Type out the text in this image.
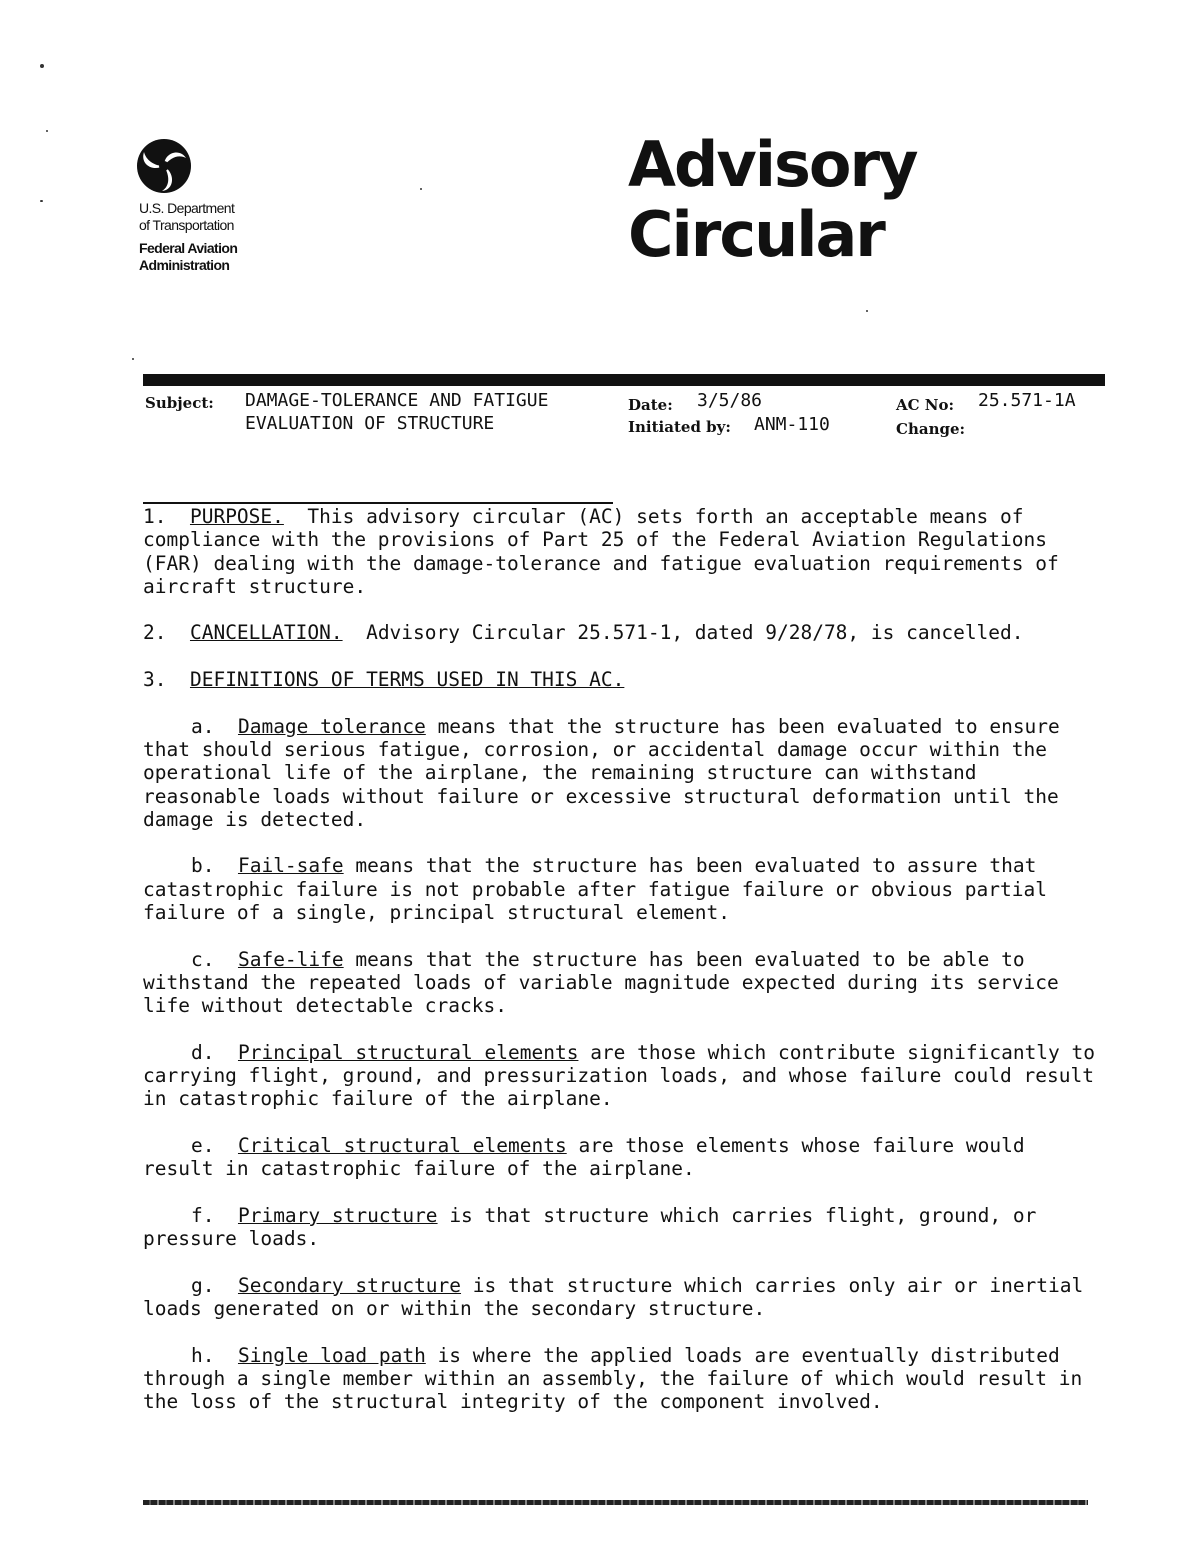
U.S. Department
of Transportation
Federal Aviation
Administration
Advisory
Circular
Subject: DAMAGE-TOLERANCE AND FATIGUE
EVALUATION OF STRUCTURE
Date: 3/5/86
Initiated by: ANM-110
AC No: 25.571-1A
Change:

1. PURPOSE. This advisory circular (AC) sets forth an acceptable means of compliance with the provisions of Part 25 of the Federal Aviation Regulations (FAR) dealing with the damage-tolerance and fatigue evaluation requirements of aircraft structure.

2. CANCELLATION. Advisory Circular 25.571-1, dated 9/28/78, is cancelled.

3. DEFINITIONS OF TERMS USED IN THIS AC.

a. Damage tolerance means that the structure has been evaluated to ensure that should serious fatigue, corrosion, or accidental damage occur within the operational life of the airplane, the remaining structure can withstand reasonable loads without failure or excessive structural deformation until the damage is detected.

b. Fail-safe means that the structure has been evaluated to assure that catastrophic failure is not probable after fatigue failure or obvious partial failure of a single, principal structural element.

c. Safe-life means that the structure has been evaluated to be able to withstand the repeated loads of variable magnitude expected during its service life without detectable cracks.

d. Principal structural elements are those which contribute significantly to carrying flight, ground, and pressurization loads, and whose failure could result in catastrophic failure of the airplane.

e. Critical structural elements are those elements whose failure would result in catastrophic failure of the airplane.

f. Primary structure is that structure which carries flight, ground, or pressure loads.

g. Secondary structure is that structure which carries only air or inertial loads generated on or within the secondary structure.

h. Single load path is where the applied loads are eventually distributed through a single member within an assembly, the failure of which would result in the loss of the structural integrity of the component involved.
